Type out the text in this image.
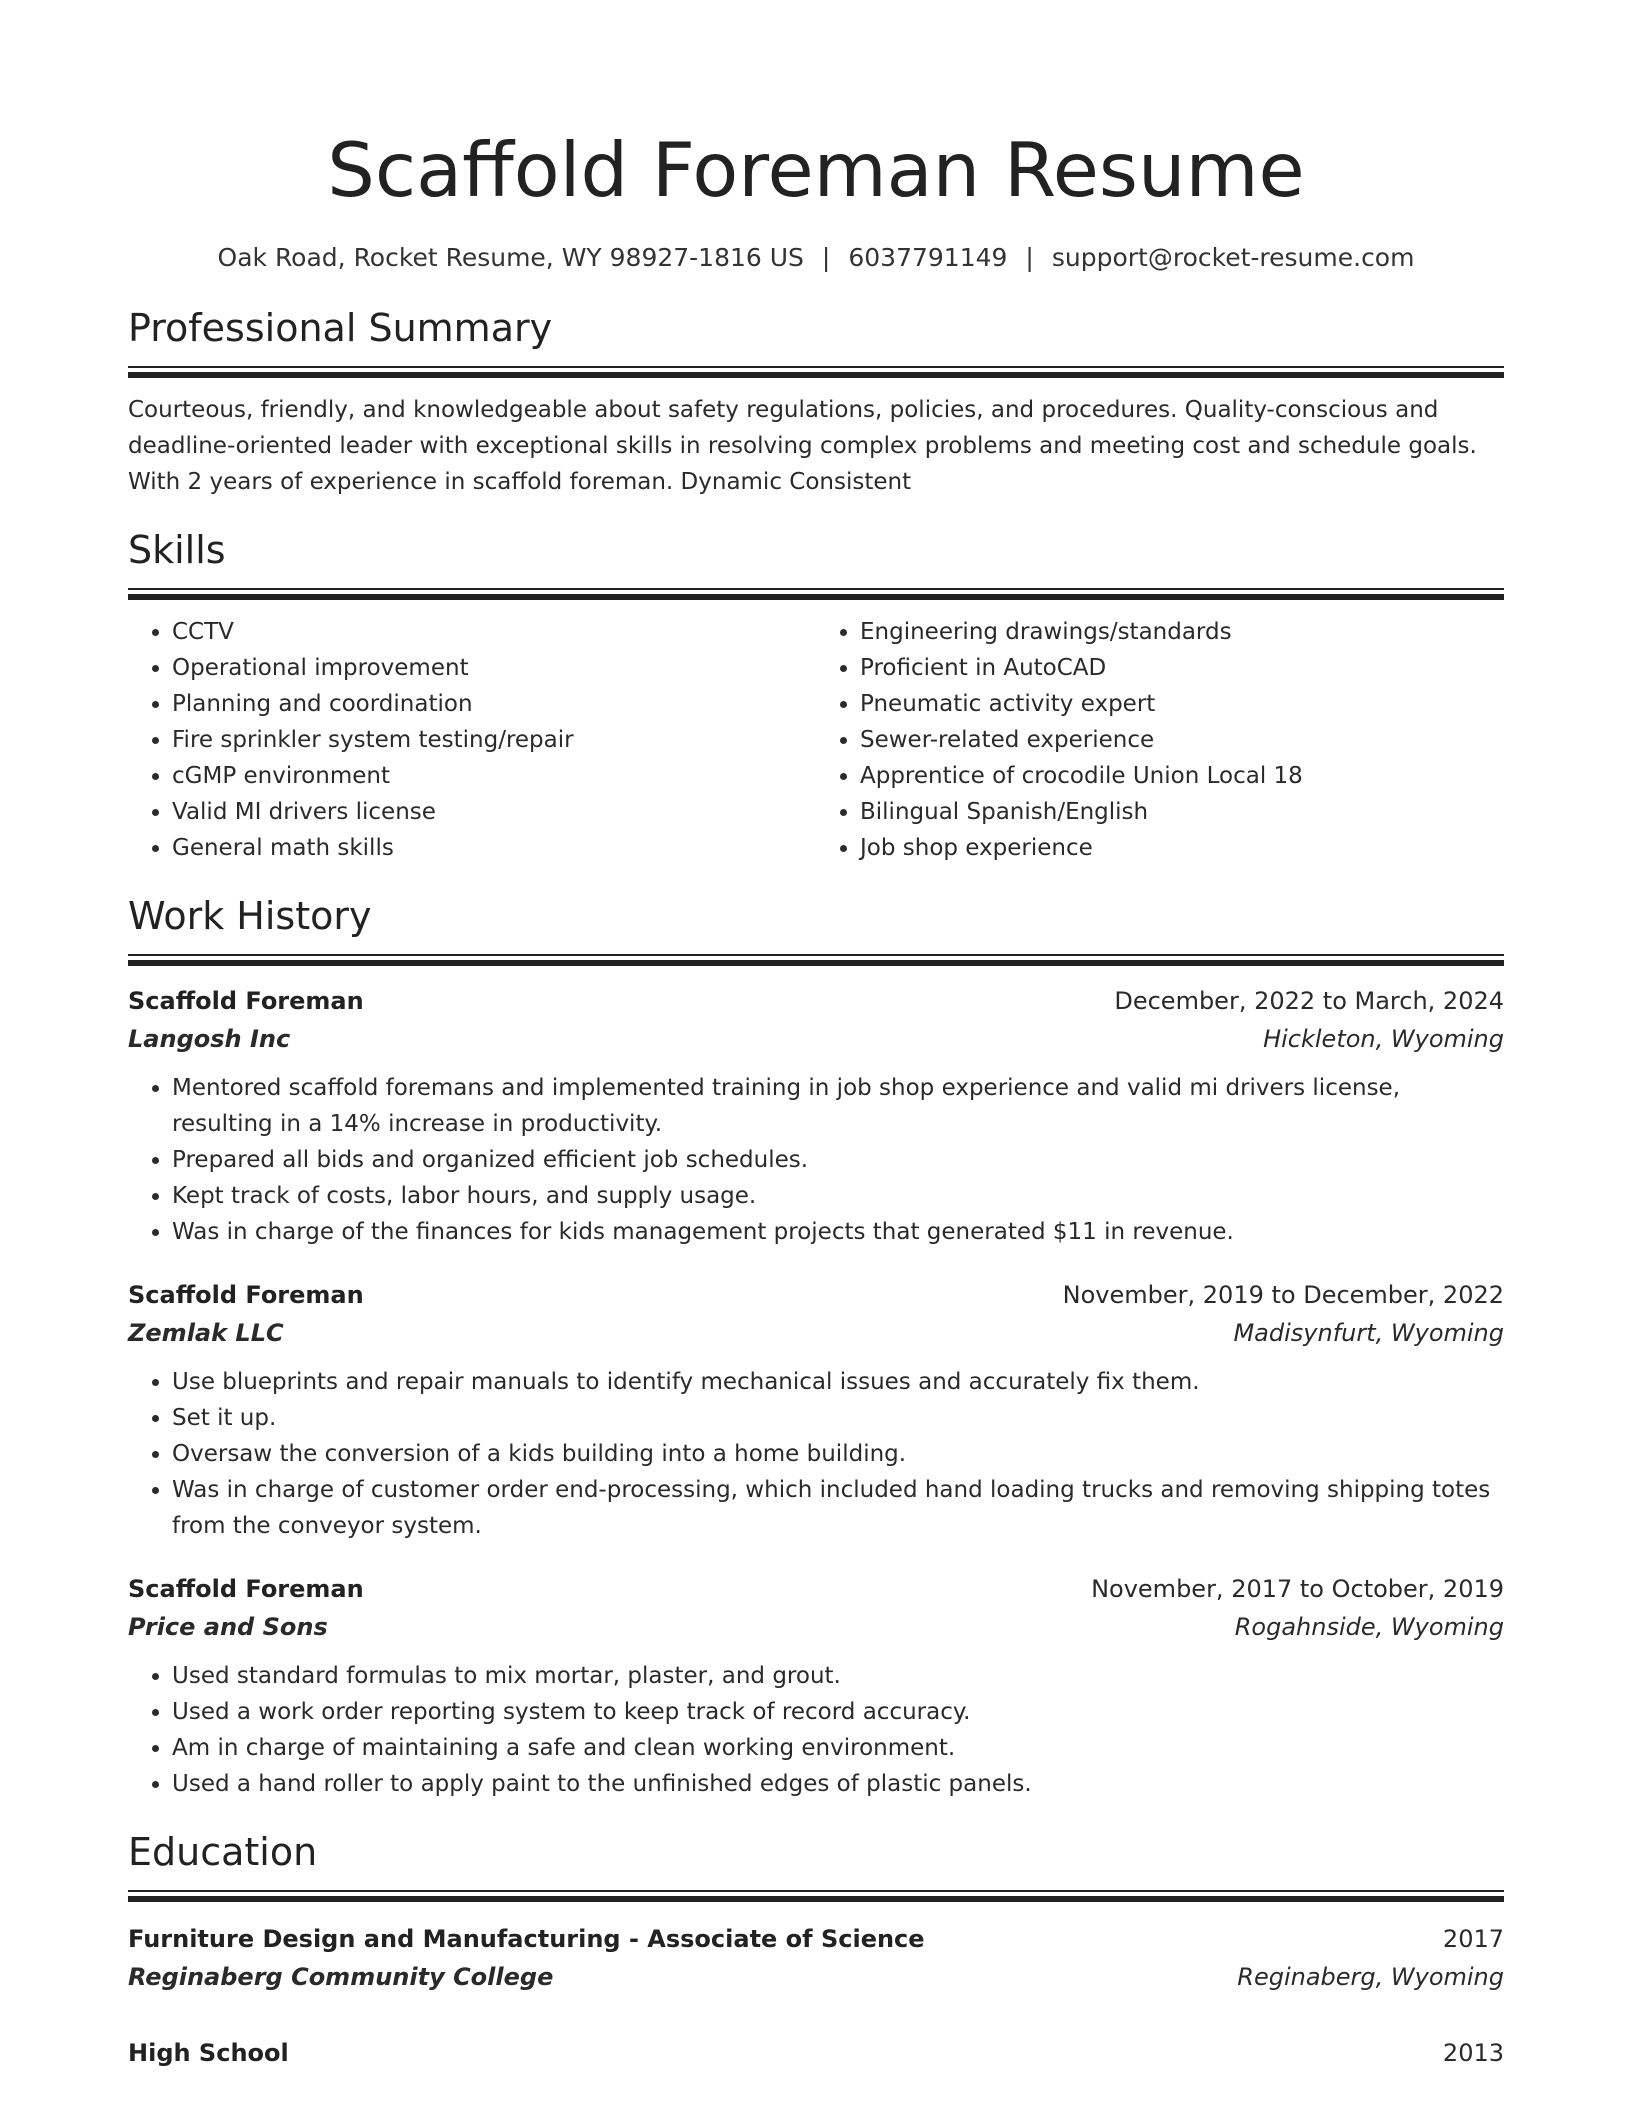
Scaffold Foreman Resume
Oak Road, Rocket Resume, WY 98927-1816 US | 6037791149 | support@rocket-resume.com
Professional Summary
Courteous, friendly, and knowledgeable about safety regulations, policies, and procedures. Quality-conscious and deadline-oriented leader with exceptional skills in resolving complex problems and meeting cost and schedule goals. With 2 years of experience in scaffold foreman. Dynamic Consistent
Skills
• CCTV
• Operational improvement
• Planning and coordination
• Fire sprinkler system testing/repair
• cGMP environment
• Valid MI drivers license
• General math skills
• Engineering drawings/standards
• Proficient in AutoCAD
• Pneumatic activity expert
• Sewer-related experience
• Apprentice of crocodile Union Local 18
• Bilingual Spanish/English
• Job shop experience
Work History
Scaffold Foreman	December, 2022 to March, 2024
Langosh Inc	Hickleton, Wyoming
• Mentored scaffold foremans and implemented training in job shop experience and valid mi drivers license, resulting in a 14% increase in productivity.
• Prepared all bids and organized efficient job schedules.
• Kept track of costs, labor hours, and supply usage.
• Was in charge of the finances for kids management projects that generated $11 in revenue.
Scaffold Foreman	November, 2019 to December, 2022
Zemlak LLC	Madisynfurt, Wyoming
• Use blueprints and repair manuals to identify mechanical issues and accurately fix them.
• Set it up.
• Oversaw the conversion of a kids building into a home building.
• Was in charge of customer order end-processing, which included hand loading trucks and removing shipping totes from the conveyor system.
Scaffold Foreman	November, 2017 to October, 2019
Price and Sons	Rogahnside, Wyoming
• Used standard formulas to mix mortar, plaster, and grout.
• Used a work order reporting system to keep track of record accuracy.
• Am in charge of maintaining a safe and clean working environment.
• Used a hand roller to apply paint to the unfinished edges of plastic panels.
Education
Furniture Design and Manufacturing - Associate of Science	2017
Reginaberg Community College	Reginaberg, Wyoming
High School	2013
